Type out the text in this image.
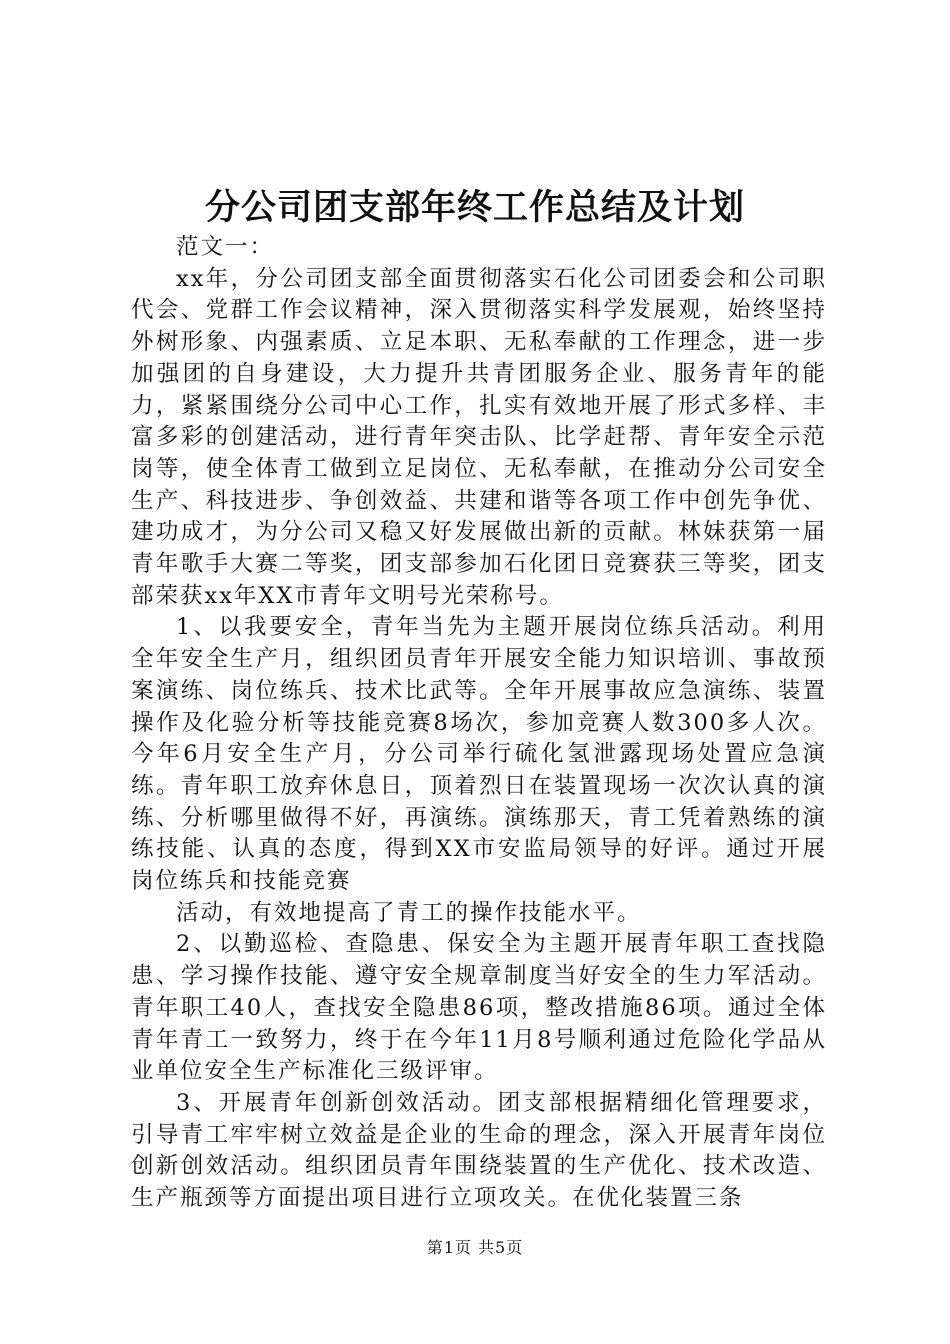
分公司团支部年终工作总结及计划

范文一：

xx年，分公司团支部全面贯彻落实石化公司团委会和公司职代会、党群工作会议精神，深入贯彻落实科学发展观，始终坚持外树形象、内强素质、立足本职、无私奉献的工作理念，进一步加强团的自身建设，大力提升共青团服务企业、服务青年的能力，紧紧围绕分公司中心工作，扎实有效地开展了形式多样、丰富多彩的创建活动，进行青年突击队、比学赶帮、青年安全示范岗等，使全体青工做到立足岗位、无私奉献，在推动分公司安全生产、科技进步、争创效益、共建和谐等各项工作中创先争优、建功成才，为分公司又稳又好发展做出新的贡献。林妹获第一届青年歌手大赛二等奖，团支部参加石化团日竞赛获三等奖，团支部荣获xx年XX市青年文明号光荣称号。

1、以我要安全，青年当先为主题开展岗位练兵活动。利用全年安全生产月，组织团员青年开展安全能力知识培训、事故预案演练、岗位练兵、技术比武等。全年开展事故应急演练、装置操作及化验分析等技能竞赛8场次，参加竞赛人数300多人次。今年6月安全生产月，分公司举行硫化氢泄露现场处置应急演练。青年职工放弃休息日，顶着烈日在装置现场一次次认真的演练、分析哪里做得不好，再演练。演练那天，青工凭着熟练的演练技能、认真的态度，得到XX市安监局领导的好评。通过开展岗位练兵和技能竞赛

活动，有效地提高了青工的操作技能水平。

2、以勤巡检、查隐患、保安全为主题开展青年职工查找隐患、学习操作技能、遵守安全规章制度当好安全的生力军活动。青年职工40人，查找安全隐患86项，整改措施86项。通过全体青年青工一致努力，终于在今年11月8号顺利通过危险化学品从业单位安全生产标准化三级评审。

3、开展青年创新创效活动。团支部根据精细化管理要求，引导青工牢牢树立效益是企业的生命的理念，深入开展青年岗位创新创效活动。组织团员青年围绕装置的生产优化、技术改造、生产瓶颈等方面提出项目进行立项攻关。在优化装置三条

第1页 共5页
